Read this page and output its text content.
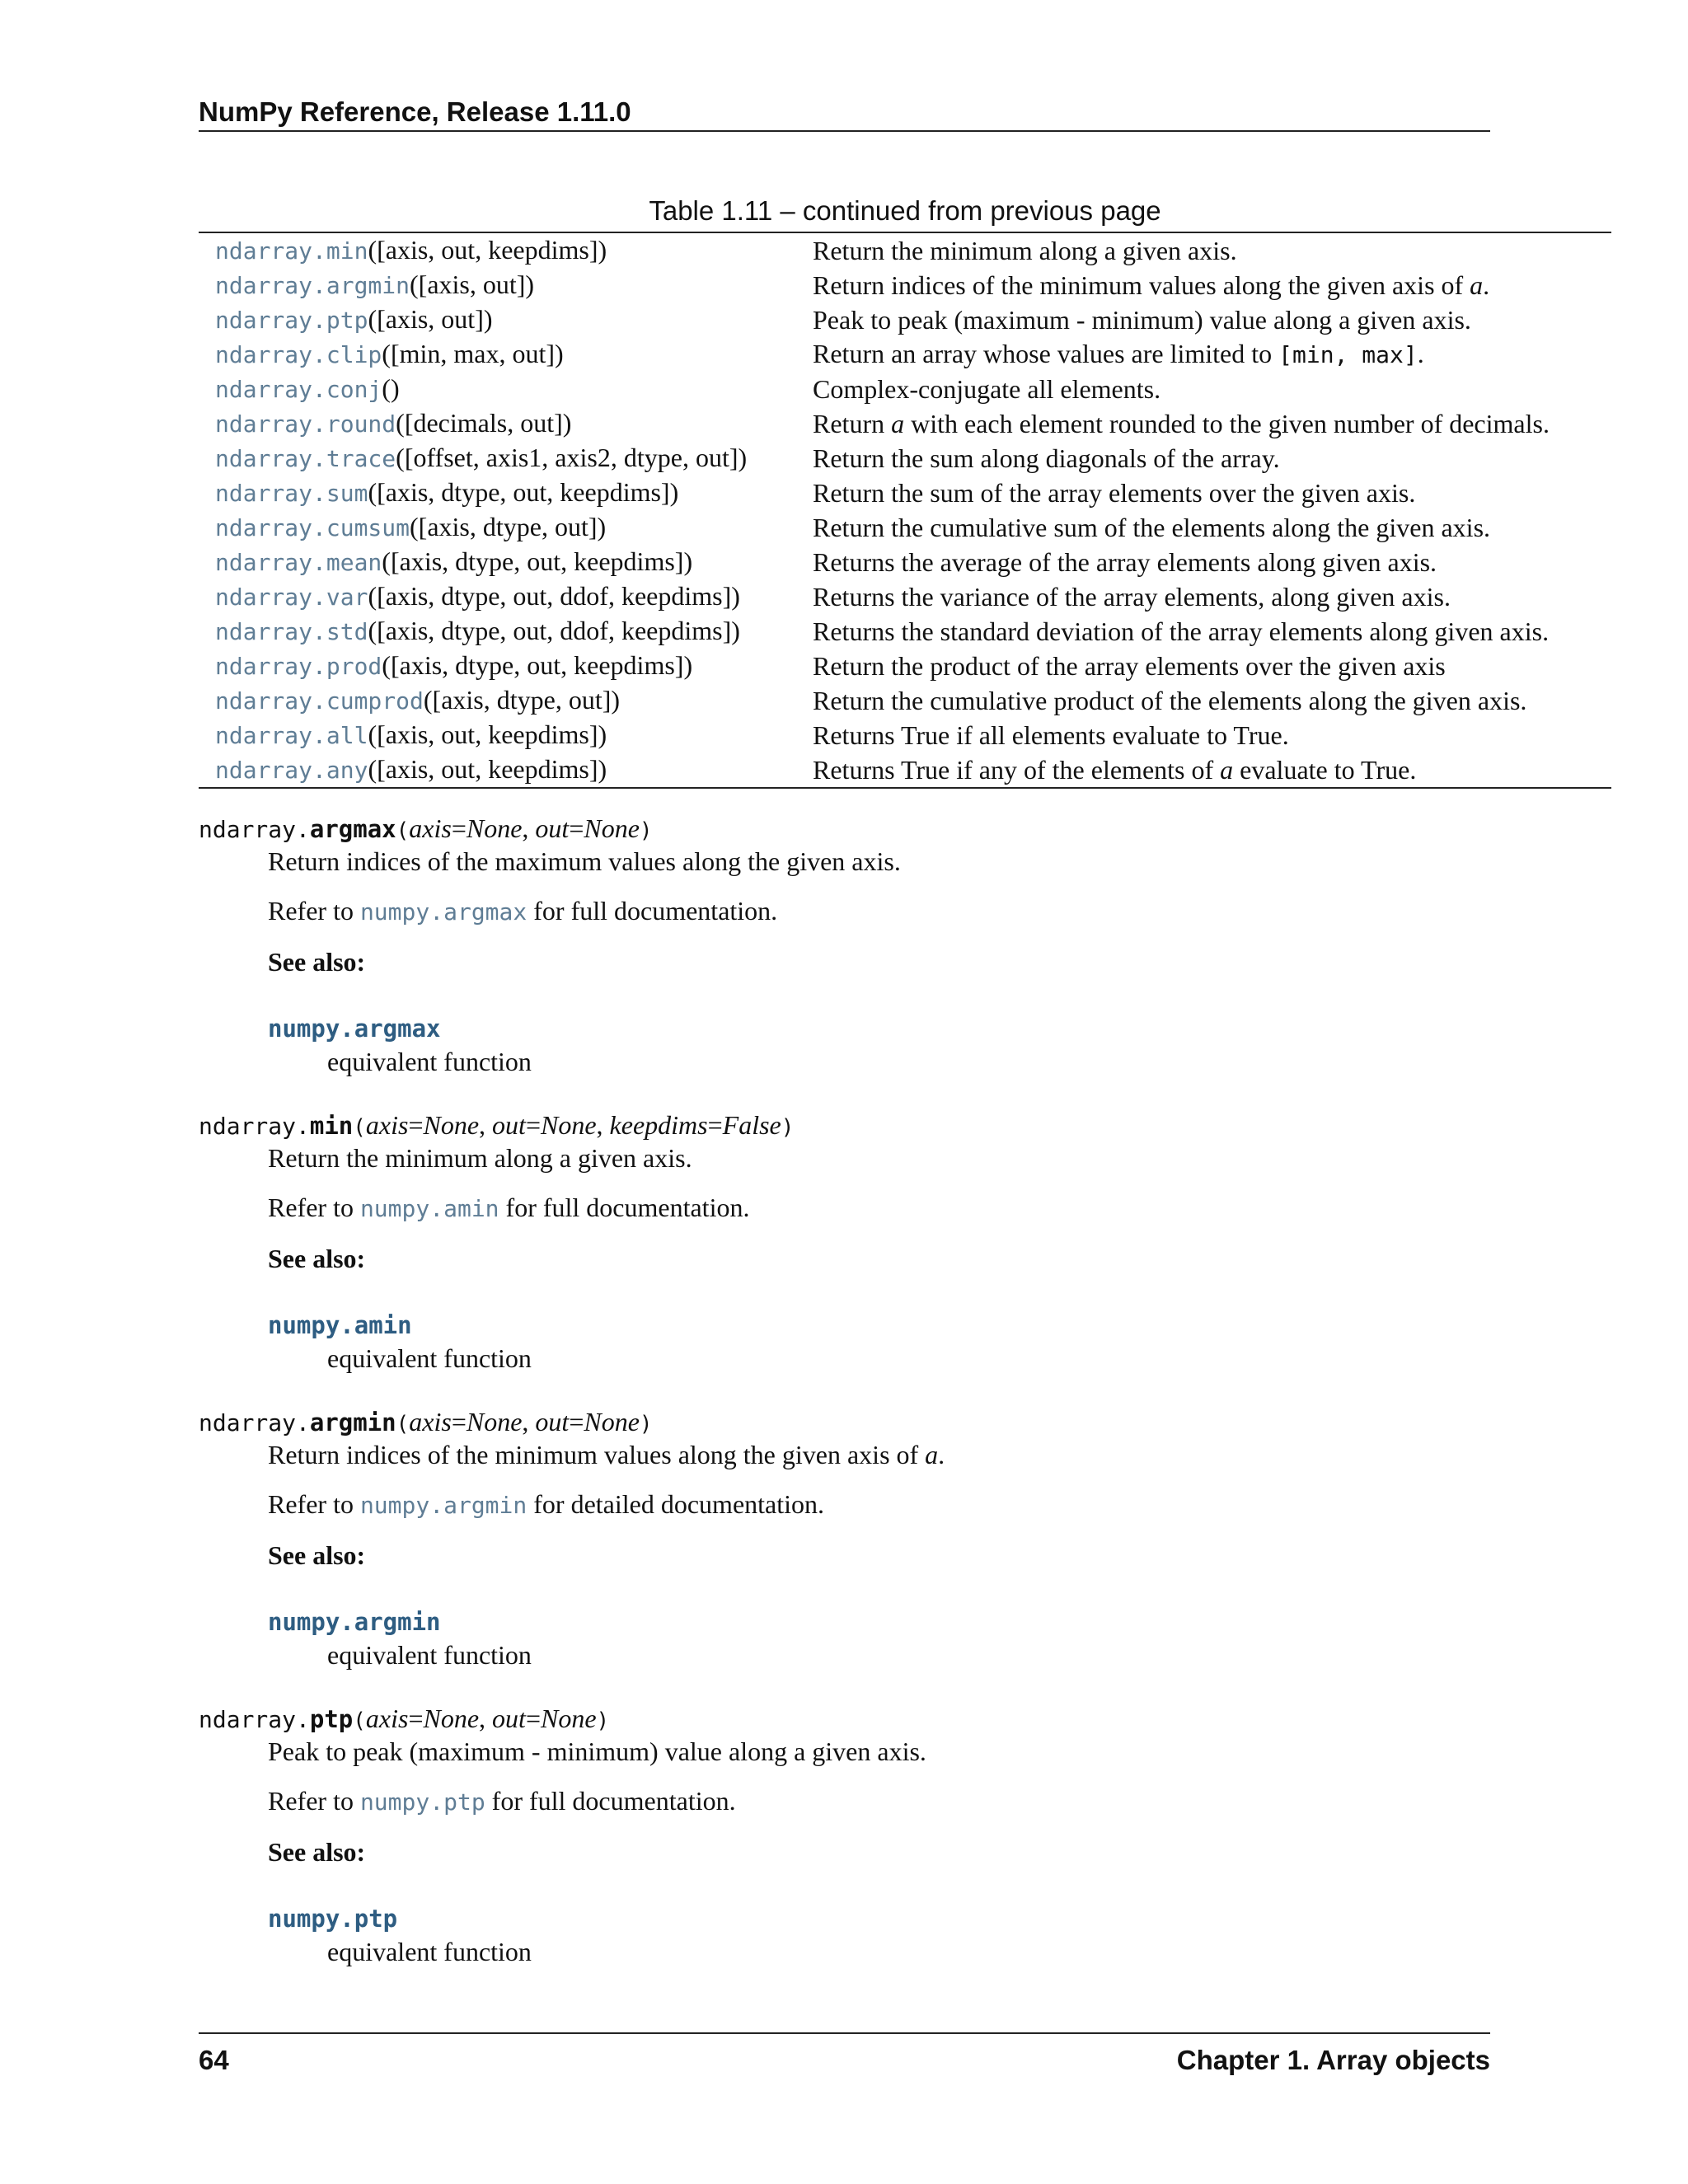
NumPy Reference, Release 1.11.0
Table 1.11 – continued from previous page
ndarray.min([axis, out, keepdims])	Return the minimum along a given axis.
ndarray.argmin([axis, out])	Return indices of the minimum values along the given axis of a.
ndarray.ptp([axis, out])	Peak to peak (maximum - minimum) value along a given axis.
ndarray.clip([min, max, out])	Return an array whose values are limited to [min, max].
ndarray.conj()	Complex-conjugate all elements.
ndarray.round([decimals, out])	Return a with each element rounded to the given number of decimals.
ndarray.trace([offset, axis1, axis2, dtype, out])	Return the sum along diagonals of the array.
ndarray.sum([axis, dtype, out, keepdims])	Return the sum of the array elements over the given axis.
ndarray.cumsum([axis, dtype, out])	Return the cumulative sum of the elements along the given axis.
ndarray.mean([axis, dtype, out, keepdims])	Returns the average of the array elements along given axis.
ndarray.var([axis, dtype, out, ddof, keepdims])	Returns the variance of the array elements, along given axis.
ndarray.std([axis, dtype, out, ddof, keepdims])	Returns the standard deviation of the array elements along given axis.
ndarray.prod([axis, dtype, out, keepdims])	Return the product of the array elements over the given axis
ndarray.cumprod([axis, dtype, out])	Return the cumulative product of the elements along the given axis.
ndarray.all([axis, out, keepdims])	Returns True if all elements evaluate to True.
ndarray.any([axis, out, keepdims])	Returns True if any of the elements of a evaluate to True.
ndarray.argmax(axis=None, out=None)

Return indices of the maximum values along the given axis.

Refer to numpy.argmax for full documentation.

See also:

numpy.argmax

equivalent function

ndarray.min(axis=None, out=None, keepdims=False)

Return the minimum along a given axis.

Refer to numpy.amin for full documentation.

See also:

numpy.amin

equivalent function

ndarray.argmin(axis=None, out=None)

Return indices of the minimum values along the given axis of a.

Refer to numpy.argmin for detailed documentation.

See also:

numpy.argmin

equivalent function

ndarray.ptp(axis=None, out=None)

Peak to peak (maximum - minimum) value along a given axis.

Refer to numpy.ptp for full documentation.

See also:

numpy.ptp

equivalent function

64	Chapter 1. Array objects
